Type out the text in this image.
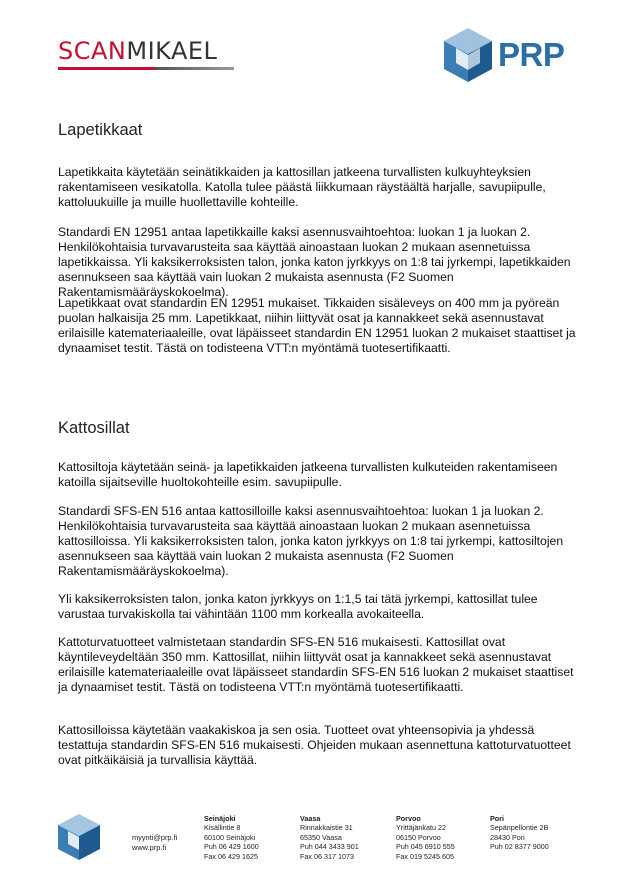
SCANMIKAEL	PRP
Lapetikkaat
Lapetikkaita käytetään seinätikkaiden ja kattosillan jatkeena turvallisten kulkuyhteyksien rakentamiseen vesikatolla. Katolla tulee päästä liikkumaan räystäältä harjalle, savupiipulle, kattoluukuille ja muille huollettaville kohteille.
Standardi EN 12951 antaa lapetikkaille kaksi asennusvaihtoehtoa: luokan 1 ja luokan 2. Henkilökohtaisia turvavarusteita saa käyttää ainoastaan luokan 2 mukaan asennetuissa lapetikkaissa. Yli kaksikerroksisten talon, jonka katon jyrkkyys on 1:8 tai jyrkempi, lapetikkaiden asennukseen saa käyttää vain luokan 2 mukaista asennusta (F2 Suomen Rakentamismääräyskokoelma).
Lapetikkaat ovat standardin EN 12951 mukaiset. Tikkaiden sisäleveys on 400 mm ja pyöreän puolan halkaisija 25 mm. Lapetikkaat, niihin liittyvät osat ja kannakkeet sekä asennustavat erilaisille katemateriaaleille, ovat läpäisseet standardin EN 12951 luokan 2 mukaiset staattiset ja dynaamiset testit. Tästä on todisteena VTT:n myöntämä tuotesertifikaatti.
Kattosillat
Kattosiltoja käytetään seinä- ja lapetikkaiden jatkeena turvallisten kulkuteiden rakentamiseen katoilla sijaitseville huoltokohteille esim. savupiipulle.
Standardi SFS-EN 516 antaa kattosilloille kaksi asennusvaihtoehtoa: luokan 1 ja luokan 2. Henkilökohtaisia turvavarusteita saa käyttää ainoastaan luokan 2 mukaan asennetuissa kattosilloissa. Yli kaksikerroksisten talon, jonka katon jyrkkyys on 1:8 tai jyrkempi, kattosiltojen asennukseen saa käyttää vain luokan 2 mukaista asennusta (F2 Suomen Rakentamismääräyskokoelma).
Yli kaksikerroksisten talon, jonka katon jyrkkyys on 1:1,5 tai tätä jyrkempi, kattosillat tulee varustaa turvakiskolla tai vähintään 1100 mm korkealla avokaiteella.
Kattoturvatuotteet valmistetaan standardin SFS-EN 516 mukaisesti. Kattosillat ovat käyntileveydeltään 350 mm. Kattosillat, niihin liittyvät osat ja kannakkeet sekä asennustavat erilaisille katemateriaaleille ovat läpäisseet standardin SFS-EN 516 luokan 2 mukaiset staattiset ja dynaamiset testit. Tästä on todisteena VTT:n myöntämä tuotesertifikaatti.
Kattosilloissa käytetään vaakakiskoa ja sen osia. Tuotteet ovat yhteensopivia ja yhdessä testattuja standardin SFS-EN 516 mukaisesti. Ohjeiden mukaan asennettuna kattoturvatuotteet ovat pitkäikäisiä ja turvallisia käyttää.
myynti@prp.fi
www.prp.fi
Seinäjoki
Kisällintie 8
60100 Seinäjoki
Puh 06 429 1600
Fax 06 429 1625
Vaasa
Rinnakkaistie 31
65350 Vaasa
Puh 044 3433 901
Fax 06 317 1073
Porvoo
Yrittäjänkatu 22
06150 Porvoo
Puh 045 6910 555
Fax 019 5245 605
Pori
Sepänpellontie 2B
28430 Pori
Puh 02 8377 9000
